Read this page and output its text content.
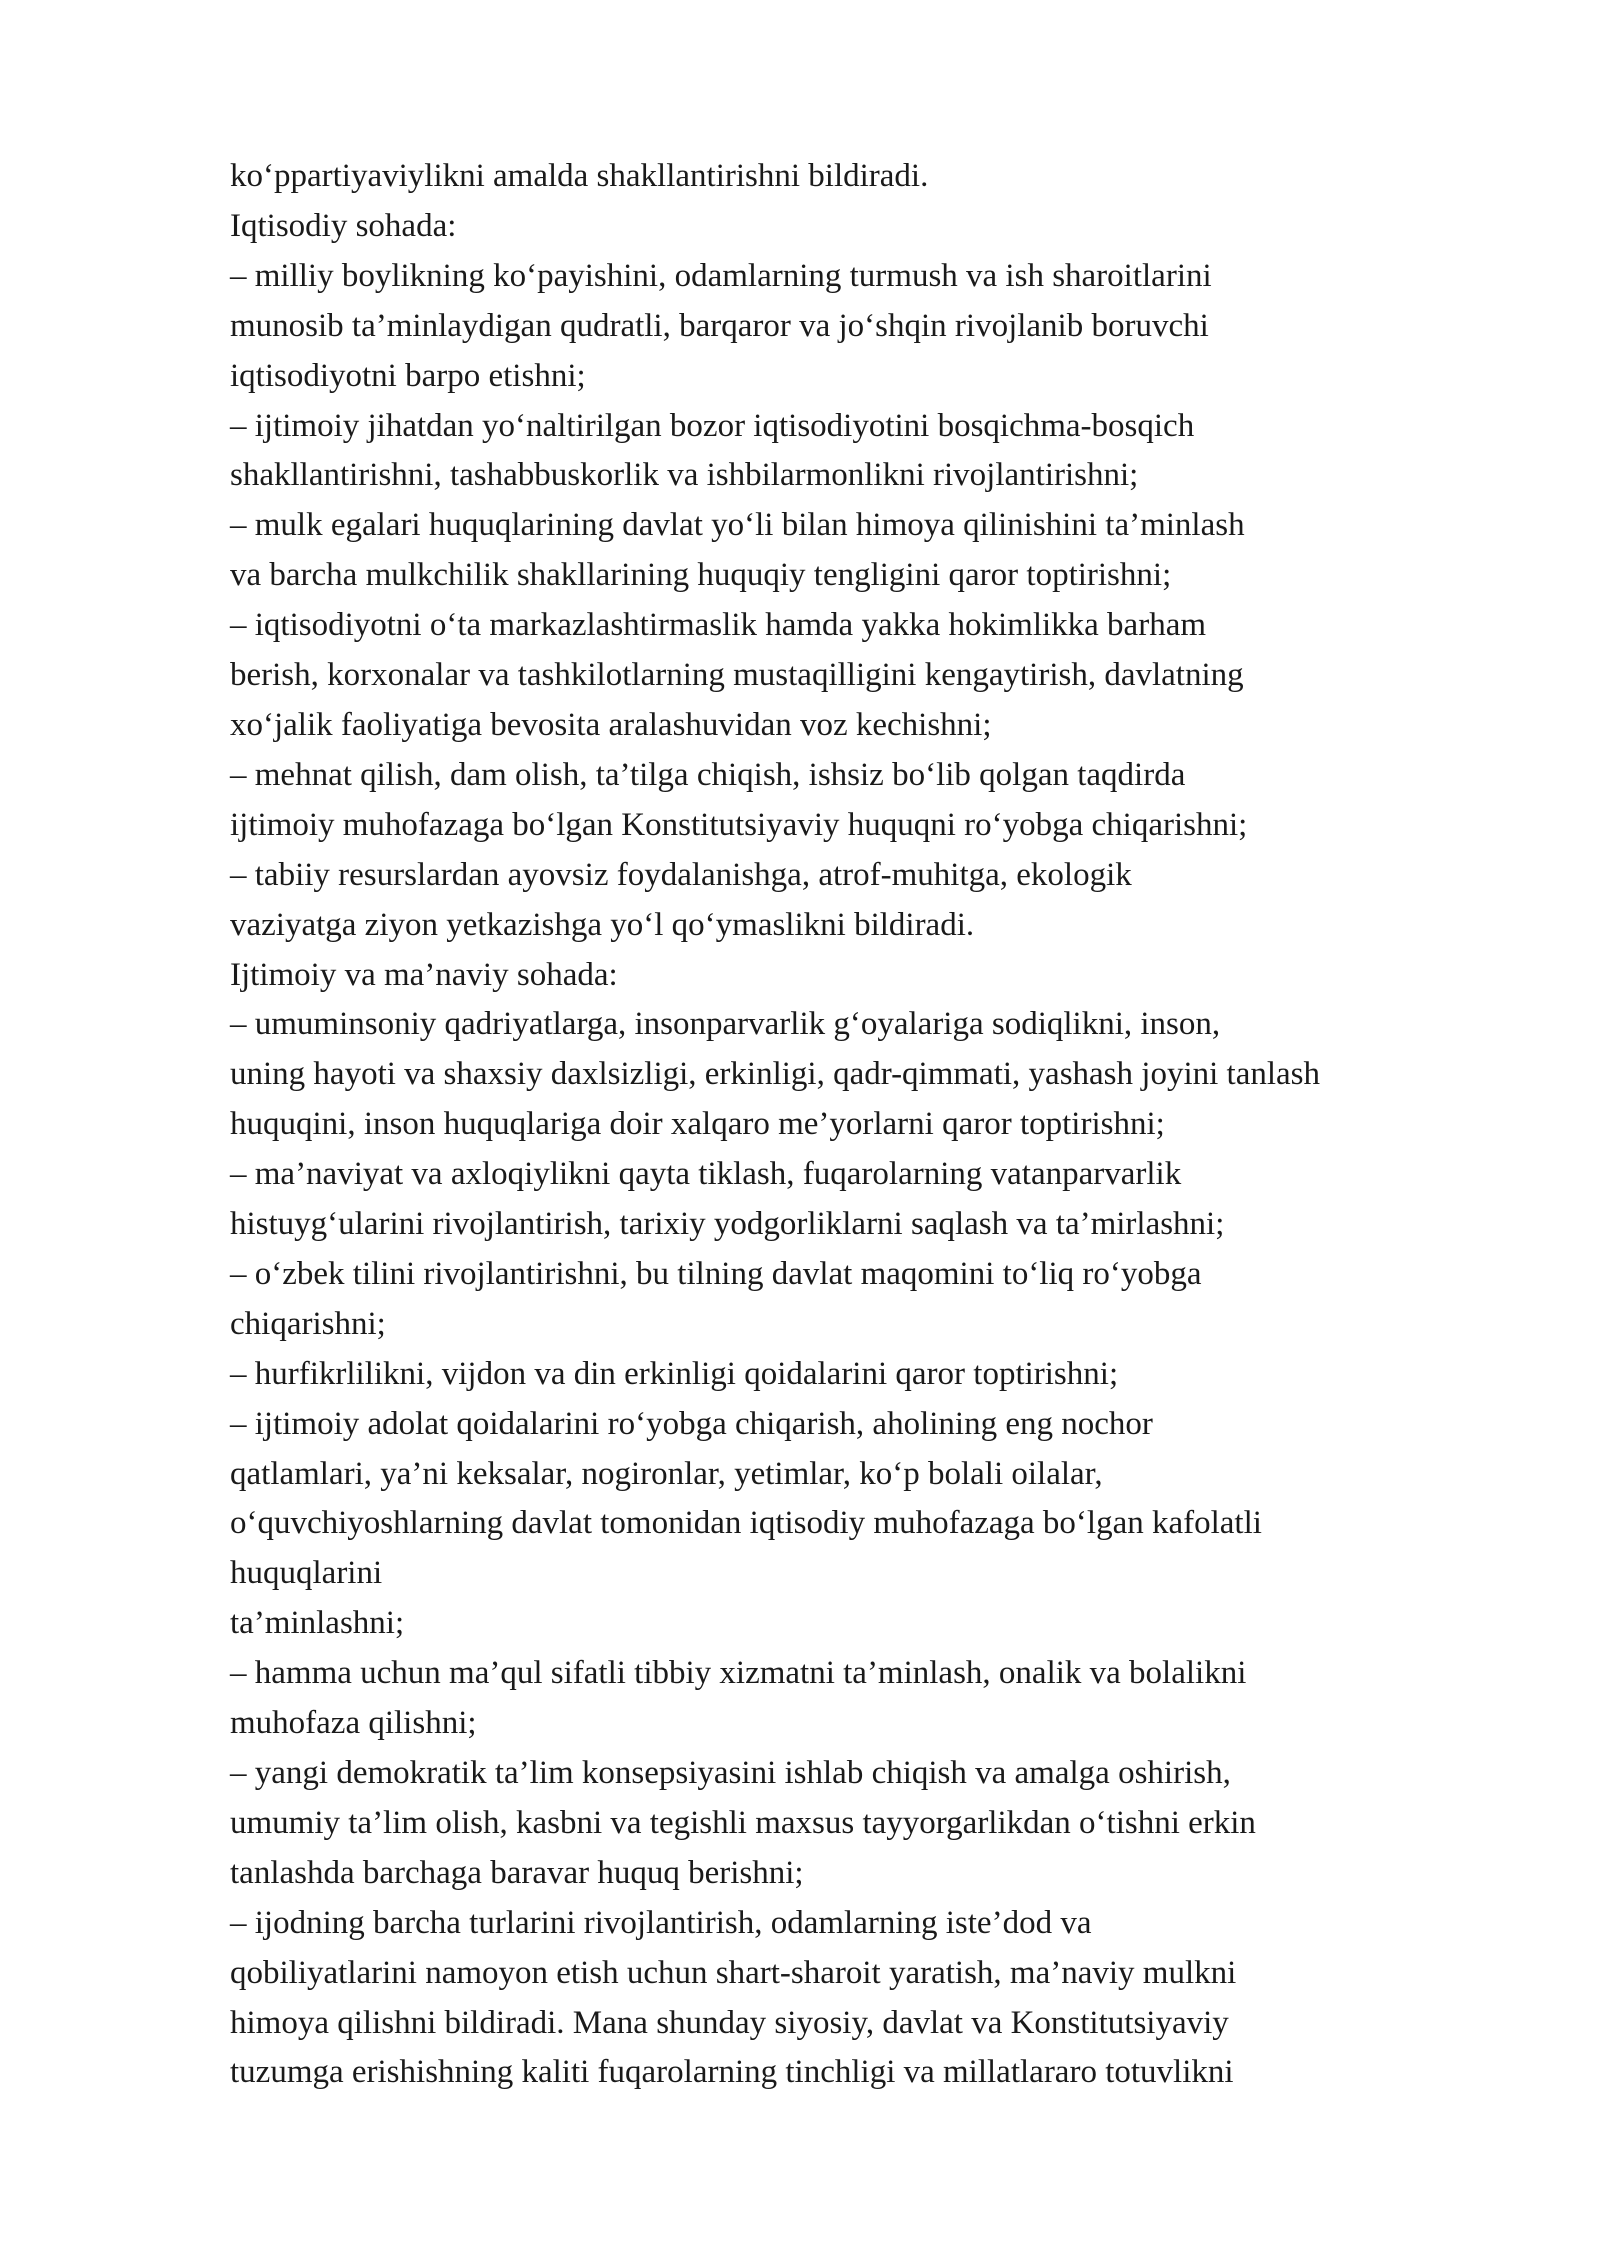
ko‘ppartiyaviylikni amalda shakllantirishni bildiradi.
Iqtisodiy sohada:
– milliy boylikning ko‘payishini, odamlarning turmush va ish sharoitlarini
munosib ta’minlaydigan qudratli, barqaror va jo‘shqin rivojlanib boruvchi
iqtisodiyotni barpo etishni;
– ijtimoiy jihatdan yo‘naltirilgan bozor iqtisodiyotini bosqichma-bosqich
shakllantirishni, tashabbuskorlik va ishbilarmonlikni rivojlantirishni;
– mulk egalari huquqlarining davlat yo‘li bilan himoya qilinishini ta’minlash
va barcha mulkchilik shakllarining huquqiy tengligini qaror toptirishni;
– iqtisodiyotni o‘ta markazlashtirmaslik hamda yakka hokimlikka barham
berish, korxonalar va tashkilotlarning mustaqilligini kengaytirish, davlatning
xo‘jalik faoliyatiga bevosita aralashuvidan voz kechishni;
– mehnat qilish, dam olish, ta’tilga chiqish, ishsiz bo‘lib qolgan taqdirda
ijtimoiy muhofazaga bo‘lgan Konstitutsiyaviy huquqni ro‘yobga chiqarishni;
– tabiiy resurslardan ayovsiz foydalanishga, atrof-muhitga, ekologik
vaziyatga ziyon yetkazishga yo‘l qo‘ymaslikni bildiradi.
Ijtimoiy va ma’naviy sohada:
– umuminsoniy qadriyatlarga, insonparvarlik g‘oyalariga sodiqlikni, inson,
uning hayoti va shaxsiy daxlsizligi, erkinligi, qadr-qimmati, yashash joyini tanlash
huquqini, inson huquqlariga doir xalqaro me’yorlarni qaror toptirishni;
– ma’naviyat va axloqiylikni qayta tiklash, fuqarolarning vatanparvarlik
histuyg‘ularini rivojlantirish, tarixiy yodgorliklarni saqlash va ta’mirlashni;
– o‘zbek tilini rivojlantirishni, bu tilning davlat maqomini to‘liq ro‘yobga
chiqarishni;
– hurfikrlilikni, vijdon va din erkinligi qoidalarini qaror toptirishni;
– ijtimoiy adolat qoidalarini ro‘yobga chiqarish, aholining eng nochor
qatlamlari, ya’ni keksalar, nogironlar, yetimlar, ko‘p bolali oilalar,
o‘quvchiyoshlarning davlat tomonidan iqtisodiy muhofazaga bo‘lgan kafolatli
huquqlarini
ta’minlashni;
– hamma uchun ma’qul sifatli tibbiy xizmatni ta’minlash, onalik va bolalikni
muhofaza qilishni;
– yangi demokratik ta’lim konsepsiyasini ishlab chiqish va amalga oshirish,
umumiy ta’lim olish, kasbni va tegishli maxsus tayyorgarlikdan o‘tishni erkin
tanlashda barchaga baravar huquq berishni;
– ijodning barcha turlarini rivojlantirish, odamlarning iste’dod va
qobiliyatlarini namoyon etish uchun shart-sharoit yaratish, ma’naviy mulkni
himoya qilishni bildiradi. Mana shunday siyosiy, davlat va Konstitutsiyaviy
tuzumga erishishning kaliti fuqarolarning tinchligi va millatlararo totuvlikni
